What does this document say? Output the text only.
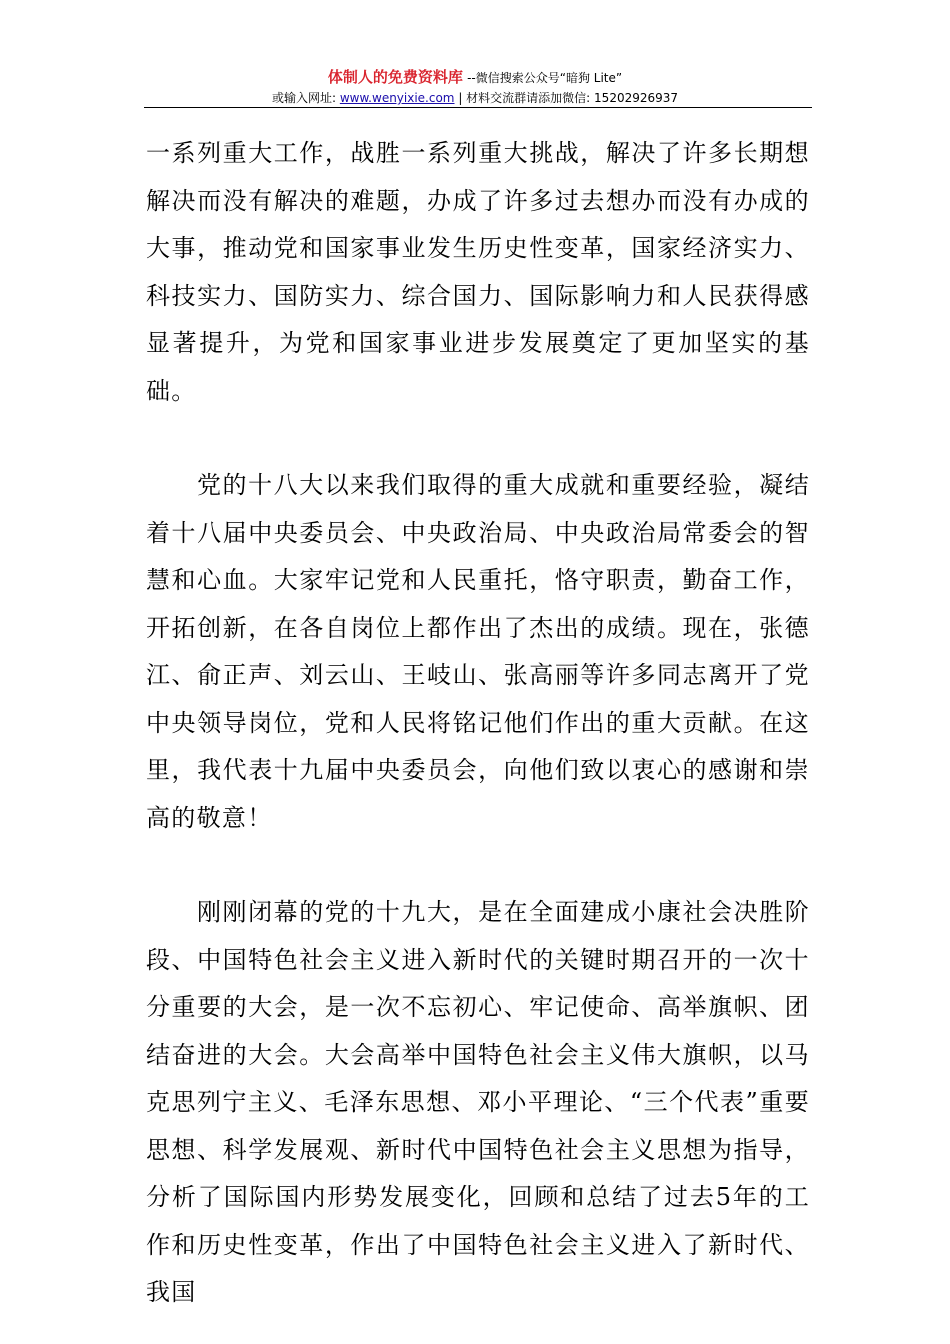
体制人的免费资料库 --微信搜索公众号“暗狗 Lite”
或输入网址: www.wenyixie.com | 材料交流群请添加微信: 15202926937

一系列重大工作，战胜一系列重大挑战，解决了许多长期想解决而没有解决的难题，办成了许多过去想办而没有办成的大事，推动党和国家事业发生历史性变革，国家经济实力、科技实力、国防实力、综合国力、国际影响力和人民获得感显著提升，为党和国家事业进步发展奠定了更加坚实的基础。

党的十八大以来我们取得的重大成就和重要经验，凝结着十八届中央委员会、中央政治局、中央政治局常委会的智慧和心血。大家牢记党和人民重托，恪守职责，勤奋工作，开拓创新，在各自岗位上都作出了杰出的成绩。现在，张德江、俞正声、刘云山、王岐山、张高丽等许多同志离开了党中央领导岗位，党和人民将铭记他们作出的重大贡献。在这里，我代表十九届中央委员会，向他们致以衷心的感谢和崇高的敬意！

刚刚闭幕的党的十九大，是在全面建成小康社会决胜阶段、中国特色社会主义进入新时代的关键时期召开的一次十分重要的大会，是一次不忘初心、牢记使命、高举旗帜、团结奋进的大会。大会高举中国特色社会主义伟大旗帜，以马克思列宁主义、毛泽东思想、邓小平理论、“三个代表”重要思想、科学发展观、新时代中国特色社会主义思想为指导，分析了国际国内形势发展变化，回顾和总结了过去5年的工作和历史性变革，作出了中国特色社会主义进入了新时代、我国
